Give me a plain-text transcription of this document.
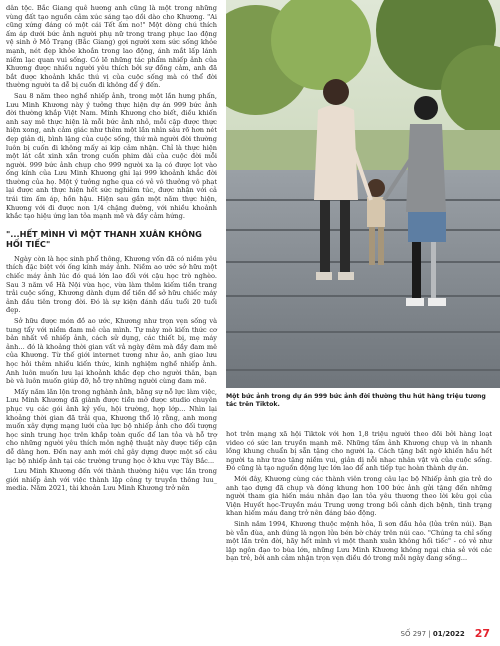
dân tộc. Bắc Giang quê hương anh cũng là một trong những vùng đất tạo nguồn cảm xúc sáng tạo dồi dào cho Khương. "Ai cũng xứng đáng có một cái Tết ấm no!" Một dòng chú thích ấm áp dưới bức ảnh người phụ nữ trong trang phục lao động vệ sinh ở Mỏ Trạng (Bắc Giang) gợi người xem sức sống khỏe mạnh, nét đẹp khỏe khoắn trong lao động, ánh mắt lấp lánh niềm lạc quan vui sống. Có lẽ những tác phẩm nhiếp ảnh của Khương được nhiều người yêu thích bởi sự đồng cảm, anh đã bắt được khoảnh khắc thú vị của cuộc sống mà có thể đời thường người ta dễ bị cuốn đi không để ý đến.

Sau 8 năm theo nghề nhiếp ảnh, trong một lần hưng phấn, Lưu Minh Khương này ý tưởng thực hiện dự án 999 bức ảnh đời thường khắp Việt Nam. Minh Khương cho biết, điều khiến anh say mê thực hiện là mỗi bức ảnh nhỏ, mỗi cặp được thực hiện xong, anh cảm giác như thêm một lần nhìn sâu rõ hơn nét đẹp giản dị, bình lặng của cuộc sống, thứ mà người đời thường luôn bị cuốn đi không mấy ai kịp cảm nhận. Chỉ là thực hiện một lát cắt xinh xắn trong cuốn phim dài của cuộc đời mỗi người. 999 bức ảnh chụp cho 999 người xa lạ có được lọt vào ống kính của Lưu Minh Khương ghi lại 999 khoảnh khắc đời thường của họ. Một ý tưởng nghe qua có vẻ vô thưởng vô phạt lại được anh thực hiện hết sức nghiêm túc, được nhận với cả trái tim ấm áp, hồn hậu. Hiện sau gần một năm thực hiện, Khương với đi được non 1/4 chặng đường, với nhiều khoảnh khắc tạo hiệu ứng lan tỏa mạnh mẽ và đầy cảm hứng.

"...HẾT MÌNH VÌ MỘT THANH XUÂN KHÔNG HỐI TIẾC"

Ngày còn là học sinh phổ thông, Khương vốn đã có niềm yêu thích đặc biệt với ống kính máy ảnh. Niềm ao ước sở hữu một chiếc máy ảnh lúc đó quá lớn lao đối với cậu học trò nghèo. Sau 3 năm về Hà Nội vừa học, vừa làm thêm kiếm tiền trang trải cuộc sống, Khương dành dụm để tiền để sở hữu chiếc máy ảnh đầu tiên trong đời. Đó là sự kiện đánh dấu tuổi 20 tuổi đẹp.

Sở hữu được món đồ ao ước, Khương như trọn vẹn sống và tung tẩy với niềm đam mê của mình. Tự mày mò kiến thức cơ bản nhất về nhiếp ảnh, cách sử dụng, các thiết bị, mẹ máy ảnh... đó là khoảng thời gian vất vả ngày đêm mà đầy đam mê của Khương. Từ thế giới internet tương như ảo, anh giao lưu học hỏi thêm nhiều kiến thức, kinh nghiệm nghề nhiếp ảnh. Anh luôn muốn lưu lại khoảnh khắc đẹp cho người thân, bạn bè và luôn muốn giúp đỡ, hỗ trợ những người cùng đam mê.

Mấy năm lăn lộn trong nghành ảnh, bằng sự nỗ lực làm việc, Lưu Minh Khương đã giành được tiền mở được studio chuyên phục vụ các gói ảnh kỷ yếu, hội trường, hợp lớp... Nhìn lại khoảng thời gian đã trải qua, Khương thổ lộ rằng, anh mong muốn xây dựng mạng lưới của lực bộ nhiếp ảnh cho đối tượng học sinh trung học trên khắp toàn quốc để lan tỏa và hỗ trợ cho những người yêu thích môn nghệ thuật này được tiếp cận dễ dàng hơn. Đến nay anh mới chỉ gây dựng được một số câu lạc bộ nhiếp ảnh tại các trường trung học ở khu vực Tây Bắc...

Lưu Minh Khương đến với thành thường hiệu vực lần trong giới nhiếp ảnh với việc thành lập công ty truyền thông luu_ media. Năm 2021, tài khoản Lưu Minh Khương trở nên

Một bức ảnh trong dự án 999 bức ảnh đời thường thu hút hàng triệu tương tác trên Tiktok.

hot trên mạng xã hội Tiktok với hơn 1,8 triệu người theo dõi bởi hàng loạt video có sức lan truyền mạnh mẽ. Những tấm ảnh Khương chụp và in nhanh lồng khung chuẩn bị sẵn tặng cho người lạ. Cách tặng bất ngờ khiến hầu hết người ta như trao tặng niềm vui, giản dị nỗi nhạc nhân vật và của cuộc sống. Đó cũng là tạo nguồn động lực lớn lao để anh tiếp tục hoàn thành dự án.

Mới đây, Khương cùng các thành viên trong câu lạc bộ Nhiếp ảnh gia trẻ do anh tạo dựng đã chụp và đóng khung hơn 100 bức ảnh gửi tặng đến những người tham gia hiến máu nhân đạo lan tỏa yêu thương theo lời kêu gọi của Viện Huyết học-Truyền máu Trung ương trong bối cảnh dịch bệnh, tình trạng khan hiếm máu đang trở nên đáng báo động.

Sinh năm 1994, Khương thuộc mệnh hỏa, lì sơn đầu hỏa (lửa trên núi). Bạn bè vẫn đùa, anh đúng là ngọn lửa bén bờ cháy trên núi cao. "Chúng ta chỉ sống một lần trên đời, hãy hết mình vì một thanh xuân không hối tiếc" - có vẻ như lập ngôn đạo to bùa lớn, những Lưu Minh Khương không ngại chia sẻ với các bạn trẻ, bởi anh cảm nhận trọn vẹn điều đó trong mỗi ngày đang sống...

SỐ 297 | 01/2022 27
